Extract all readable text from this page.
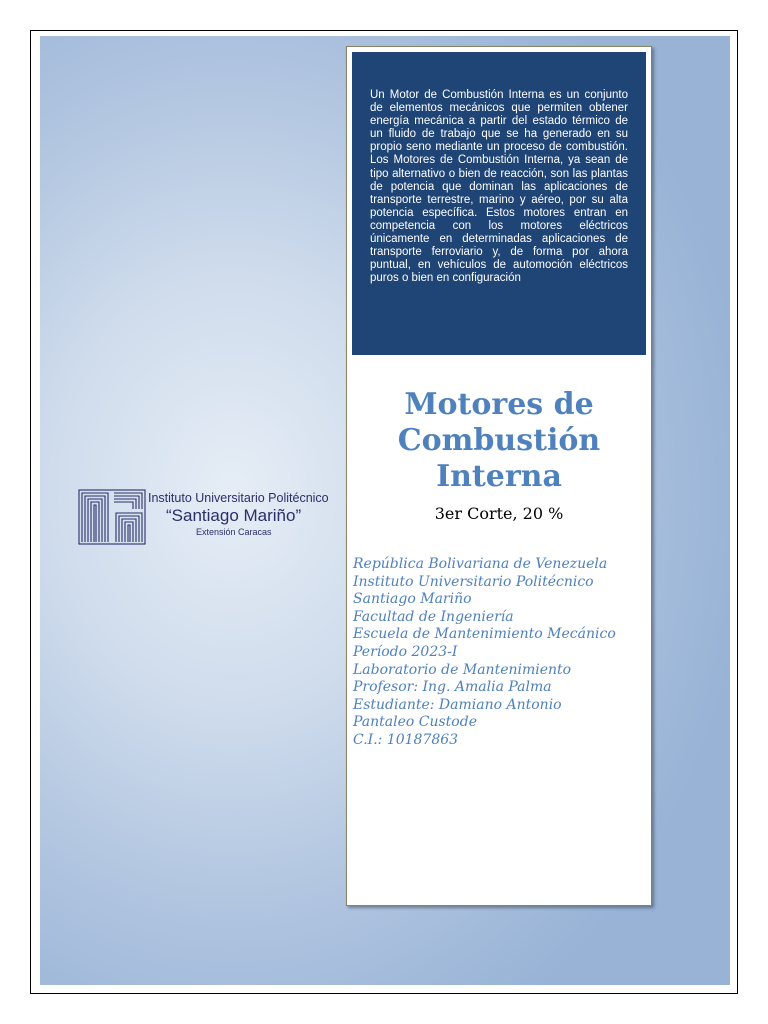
Instituto Universitario Politécnico
“Santiago Mariño”
Extensión Caracas

Un Motor de Combustión Interna es un conjunto de elementos mecánicos que permiten obtener energía mecánica a partir del estado térmico de un fluido de trabajo que se ha generado en su propio seno mediante un proceso de combustión. Los Motores de Combustión Interna, ya sean de tipo alternativo o bien de reacción, son las plantas de potencia que dominan las aplicaciones de transporte terrestre, marino y aéreo, por su alta potencia específica. Estos motores entran en competencia con los motores eléctricos únicamente en determinadas aplicaciones de transporte ferroviario y, de forma por ahora puntual, en vehículos de automoción eléctricos puros o bien en configuración

Motores de
Combustión
Interna
3er Corte, 20 %
República Bolivariana de Venezuela
Instituto Universitario Politécnico
Santiago Mariño
Facultad de Ingeniería
Escuela de Mantenimiento Mecánico
Período 2023-I
Laboratorio de Mantenimiento
Profesor: Ing. Amalia Palma
Estudiante: Damiano Antonio
Pantaleo Custode
C.I.: 10187863
